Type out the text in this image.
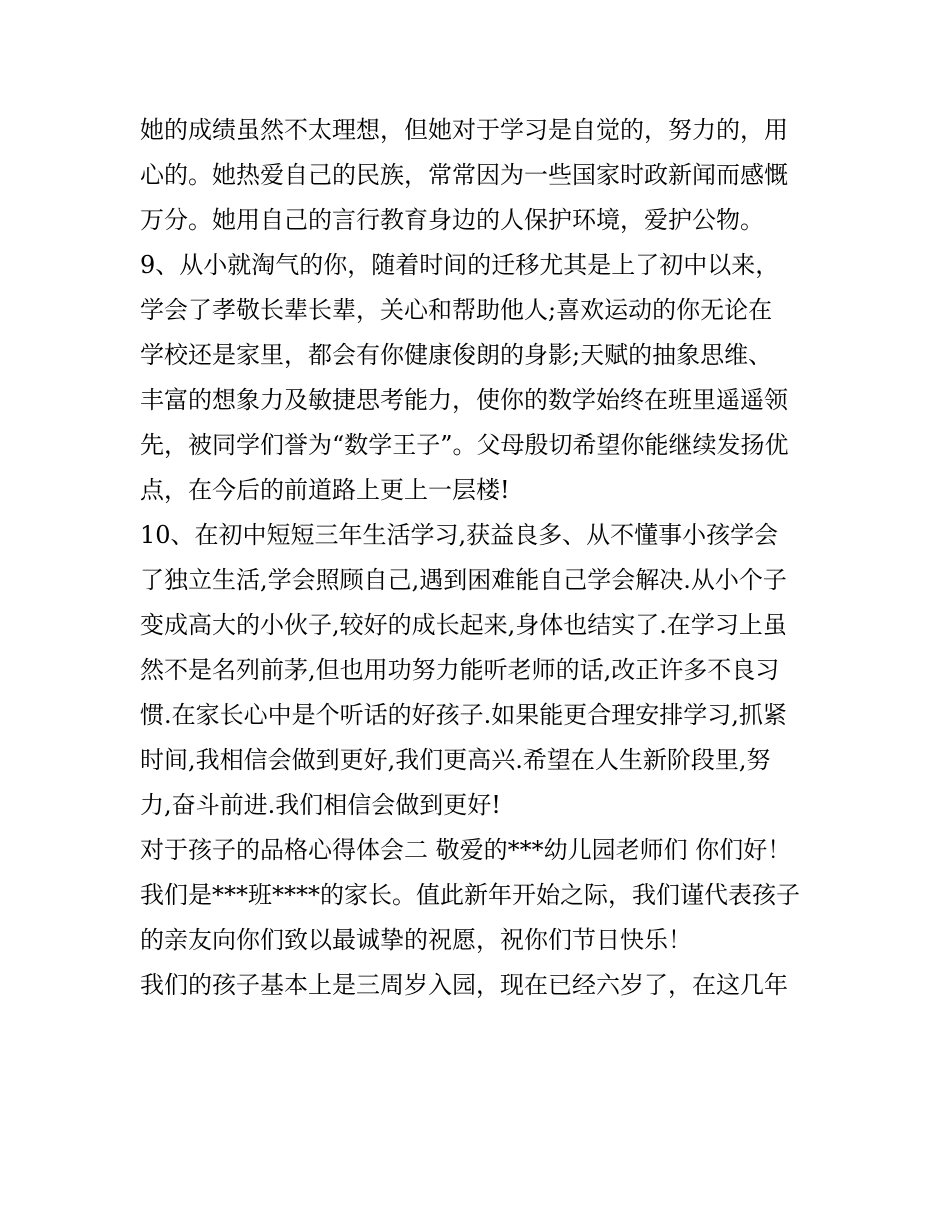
她的成绩虽然不太理想，但她对于学习是自觉的，努力的，用
心的。她热爱自己的民族，常常因为一些国家时政新闻而感慨
万分。她用自己的言行教育身边的人保护环境，爱护公物。
9、从小就淘气的你，随着时间的迁移尤其是上了初中以来，
学会了孝敬长辈长辈，关心和帮助他人;喜欢运动的你无论在
学校还是家里，都会有你健康俊朗的身影;天赋的抽象思维、
丰富的想象力及敏捷思考能力，使你的数学始终在班里遥遥领
先，被同学们誉为“数学王子”。父母殷切希望你能继续发扬优
点，在今后的前道路上更上一层楼!
10、在初中短短三年生活学习,获益良多、从不懂事小孩学会
了独立生活,学会照顾自己,遇到困难能自己学会解决.从小个子
变成高大的小伙子,较好的成长起来,身体也结实了.在学习上虽
然不是名列前茅,但也用功努力能听老师的话,改正许多不良习
惯.在家长心中是个听话的好孩子.如果能更合理安排学习,抓紧
时间,我相信会做到更好,我们更高兴.希望在人生新阶段里,努
力,奋斗前进.我们相信会做到更好!
对于孩子的品格心得体会二 敬爱的***幼儿园老师们 你们好！
我们是***班****的家长。值此新年开始之际，我们谨代表孩子
的亲友向你们致以最诚挚的祝愿，祝你们节日快乐！
我们的孩子基本上是三周岁入园，现在已经六岁了，在这几年
